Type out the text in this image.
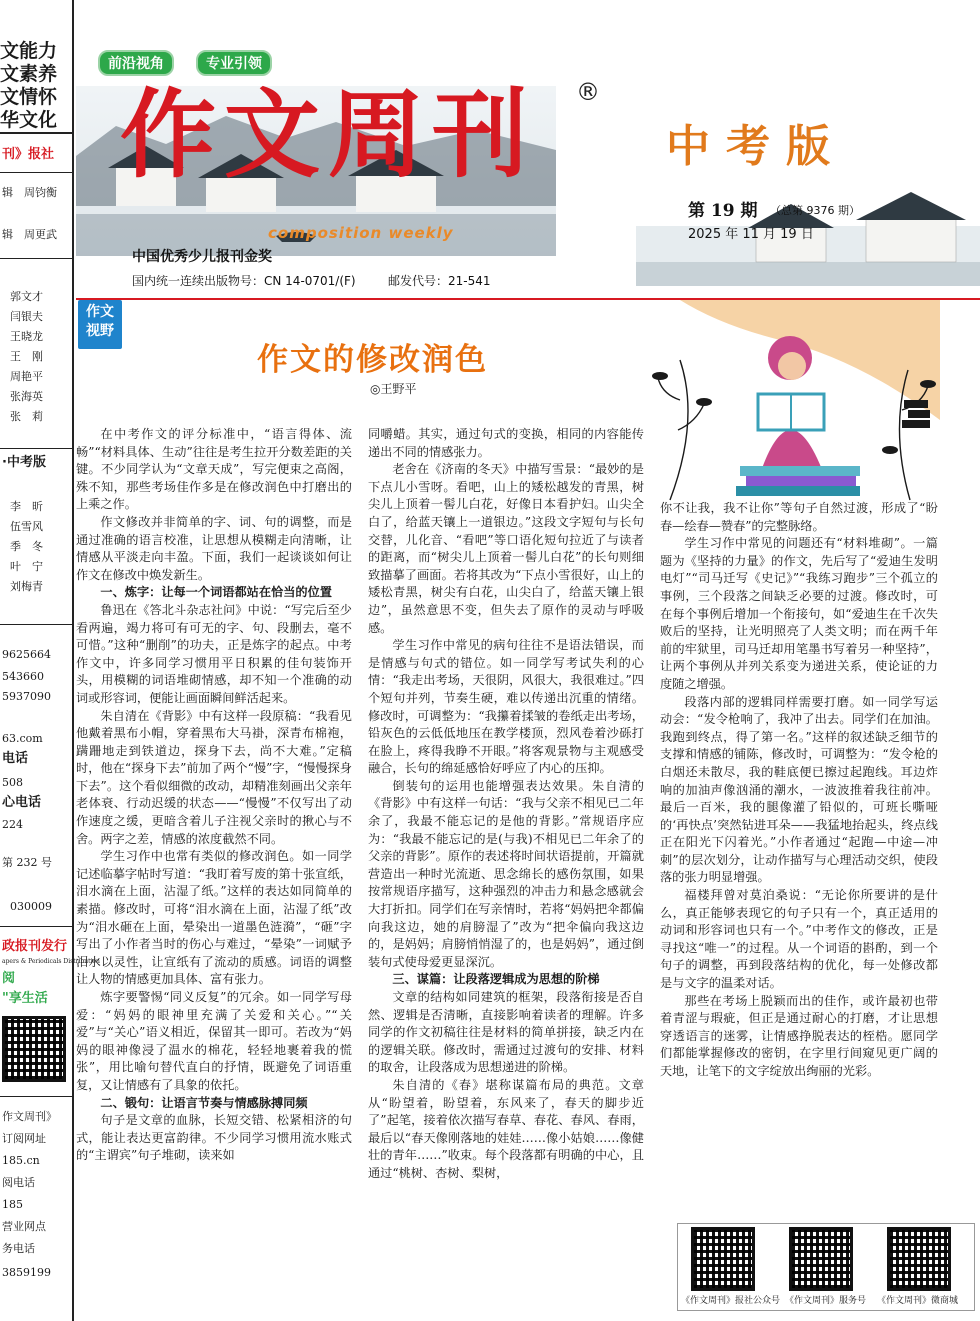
文能力
文素养
文情怀
华文化
刊》报社
辑　 周钧衡
辑　 周更武
郭文才
闫银夫
王晓龙
王　刚
周艳平
张海英
张　莉
·中考版
李　昕
伍雪风
季　冬
叶　宁
刘梅青
9625664
543660
5937090
63.com
电话
508
心电话
224
第 232 号
030009
政报刊发行
apers & Periodicals Distribution
阅
"享生活
作文周刊》
订阅网址
185.cn
阅电话
185
营业网点
务电话
3859199
前沿视角	专业引领
作文周刊 ®
composition weekly
中考版
第 19 期 （总第 9376 期）
2025 年 11 月 19 日
中国优秀少儿报刊金奖
国内统一连续出版物号：CN 14-0701/(F)	邮发代号：21-541
作文
视野
作文的修改润色
◎王野平

在中考作文的评分标准中，“语言得体、流畅”“材料具体、生动”往往是考生拉开分数差距的关键。不少同学认为“文章天成”，写完便束之高阁，殊不知，那些考场佳作多是在修改润色中打磨出的上乘之作。

作文修改并非简单的字、词、句的调整，而是通过准确的语言校准，让思想从模糊走向清晰，让情感从平淡走向丰盈。下面，我们一起谈谈如何让作文在修改中焕发新生。

一、炼字：让每一个词语都站在恰当的位置

鲁迅在《答北斗杂志社问》中说：“写完后至少看两遍，竭力将可有可无的字、句、段删去，毫不可惜。”这种“删削”的功夫，正是炼字的起点。中考作文中，许多同学习惯用平日积累的佳句装饰开头，用模糊的词语堆砌情感，却不知一个准确的动词或形容词，便能让画面瞬间鲜活起来。

朱自清在《背影》中有这样一段原稿：“我看见他戴着黑布小帽，穿着黑布大马褂，深青布棉袍，蹒跚地走到铁道边，探身下去，尚不大难。”定稿时，他在“探身下去”前加了两个“慢”字，“慢慢探身下去”。这个看似细微的改动，却精准刻画出父亲年老体衰、行动迟缓的状态——“慢慢”不仅写出了动作速度之缓，更暗含着儿子注视父亲时的揪心与不舍。两字之差，情感的浓度截然不同。

学生习作中也常有类似的修改润色。如一同学记述临摹字帖时写道：“我盯着写废的第十张宣纸，泪水滴在上面，沾湿了纸。”这样的表达如同简单的素描。修改时，可将“泪水滴在上面，沾湿了纸”改为“泪水砸在上面，晕染出一道墨色涟漪”，“砸”字写出了小作者当时的伤心与难过，“晕染”一词赋予泪水以灵性，让宣纸有了流动的质感。词语的调整让人物的情感更加具体、富有张力。

炼字要警惕“同义反复”的冗余。如一同学写母爱：“妈妈的眼神里充满了关爱和关心。”“关爱”与“关心”语义相近，保留其一即可。若改为“妈妈的眼神像浸了温水的棉花，轻轻地裹着我的慌张”，用比喻句替代直白的抒情，既避免了词语重复，又让情感有了具象的依托。

二、锻句：让语言节奏与情感脉搏同频

句子是文章的血脉，长短交错、松紧相济的句式，能让表达更富韵律。不少同学习惯用流水账式的“主谓宾”句子堆砌，读来如

同嚼蜡。其实，通过句式的变换，相同的内容能传递出不同的情感张力。

老舍在《济南的冬天》中描写雪景：“最妙的是下点儿小雪呀。看吧，山上的矮松越发的青黑，树尖儿上顶着一髻儿白花，好像日本看护妇。山尖全白了，给蓝天镶上一道银边。”这段文字短句与长句交替，儿化音、“看吧”等口语化短句拉近了与读者的距离，而“树尖儿上顶着一髻儿白花”的长句则细致描摹了画面。若将其改为“下点小雪很好，山上的矮松青黑，树尖有白花，山尖白了，给蓝天镶上银边”，虽然意思不变，但失去了原作的灵动与呼吸感。

学生习作中常见的病句往往不是语法错误，而是情感与句式的错位。如一同学写考试失利的心情：“我走出考场，天很阴，风很大，我很难过。”四个短句并列，节奏生硬，难以传递出沉重的情绪。修改时，可调整为：“我攥着揉皱的卷纸走出考场，铅灰色的云低低地压在教学楼顶，烈风卷着沙砾打在脸上，疼得我睁不开眼。”将客观景物与主观感受融合，长句的绵延感恰好呼应了内心的压抑。

倒装句的运用也能增强表达效果。朱自清的《背影》中有这样一句话：“我与父亲不相见已二年余了，我最不能忘记的是他的背影。”常规语序应为：“我最不能忘记的是(与我)不相见已二年余了的父亲的背影”。原作的表述将时间状语提前，开篇就营造出一种时光流逝、思念绵长的感伤氛围，如果按常规语序描写，这种强烈的冲击力和悬念感就会大打折扣。同学们在写亲情时，若将“妈妈把伞都偏向我这边，她的肩膀湿了”改为“把伞偏向我这边的，是妈妈；肩膀悄悄湿了的，也是妈妈”，通过倒装句式使母爱更显深沉。

三、谋篇：让段落逻辑成为思想的阶梯

文章的结构如同建筑的框架，段落衔接是否自然、逻辑是否清晰，直接影响着读者的理解。许多同学的作文初稿往往是材料的简单拼接，缺乏内在的逻辑关联。修改时，需通过过渡句的安排、材料的取舍，让段落成为思想递进的阶梯。

朱自清的《春》堪称谋篇布局的典范。文章从“盼望着，盼望着，东风来了，春天的脚步近了”起笔，接着依次描写春草、春花、春风、春雨，最后以“春天像刚落地的娃娃……像小姑娘……像健壮的青年……”收束。每个段落都有明确的中心，且通过“桃树、杏树、梨树，

你不让我，我不让你”等句子自然过渡，形成了“盼春—绘春—赞春”的完整脉络。

学生习作中常见的问题还有“材料堆砌”。一篇题为《坚持的力量》的作文，先后写了“爱迪生发明电灯”“司马迁写《史记》”“我练习跑步”三个孤立的事例，三个段落之间缺乏必要的过渡。修改时，可在每个事例后增加一个衔接句，如“爱迪生在千次失败后的坚持，让光明照亮了人类文明；而在两千年前的牢狱里，司马迁却用笔墨书写着另一种坚持”，让两个事例从并列关系变为递进关系，使论证的力度随之增强。

段落内部的逻辑同样需要打磨。如一同学写运动会：“发令枪响了，我冲了出去。同学们在加油。我跑到终点，得了第一名。”这样的叙述缺乏细节的支撑和情感的铺陈，修改时，可调整为：“发令枪的白烟还未散尽，我的鞋底便已擦过起跑线。耳边炸响的加油声像汹涌的潮水，一波波推着我往前冲。最后一百米，我的腿像灌了铅似的，可班长嘶哑的‘再快点’突然钻进耳朵——我猛地抬起头，终点线正在阳光下闪着光。”小作者通过“起跑—中途—冲刺”的层次划分，让动作描写与心理活动交织，使段落的张力明显增强。

福楼拜曾对莫泊桑说：“无论你所要讲的是什么，真正能够表现它的句子只有一个，真正适用的动词和形容词也只有一个。”中考作文的修改，正是寻找这“唯一”的过程。从一个词语的斟酌，到一个句子的调整，再到段落结构的优化，每一处修改都是与文字的温柔对话。

那些在考场上脱颖而出的佳作，或许最初也带着青涩与瑕疵，但正是通过耐心的打磨，才让思想穿透语言的迷雾，让情感挣脱表达的桎梏。愿同学们都能掌握修改的密钥，在字里行间窥见更广阔的天地，让笔下的文字绽放出绚丽的光彩。

《作文周刊》报社公众号 《作文周刊》服务号 《作文周刊》微商城
